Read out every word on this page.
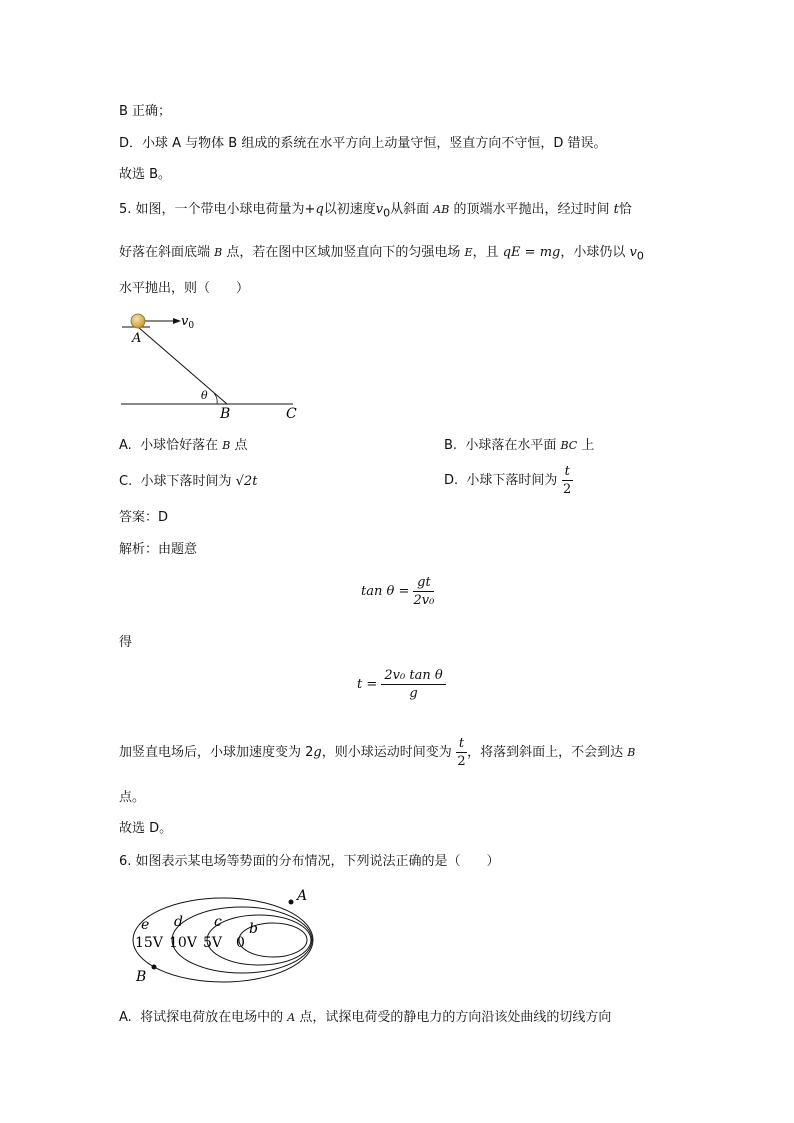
B 正确；
D．小球 A 与物体 B 组成的系统在水平方向上动量守恒，竖直方向不守恒，D 错误。
故选 B。
5. 如图，一个带电小球电荷量为+q以初速度$v_0$从斜面 AB 的顶端水平抛出，经过时间 t恰
好落在斜面底端 B 点，若在图中区域加竖直向下的匀强电场 E，且 qE = mg，小球仍以 $v_0$
水平抛出，则（　　）
$v_0$
A
θ
B	C
A. 小球恰好落在 B 点	B. 小球落在水平面 BC 上
C. 小球下落时间为 √2t	D. 小球下落时间为 $\frac{t}{2}$
答案：D
解析：由题意
$\tan \theta = \frac{gt}{\text{2v₀}}$
得
$t = \frac{\text{2v₀ tan θ}}{g}$
加竖直电场后，小球加速度变为 2g，则小球运动时间变为 $\frac{t}{2}$ ，将落到斜面上，不会到达 B
点。
故选 D。
6. 如图表示某电场等势面的分布情况，下列说法正确的是（　　）
A
B
e d c b
15V 10V 5V 0
A. 将试探电荷放在电场中的 A 点，试探电荷受的静电力的方向沿该处曲线的切线方向
